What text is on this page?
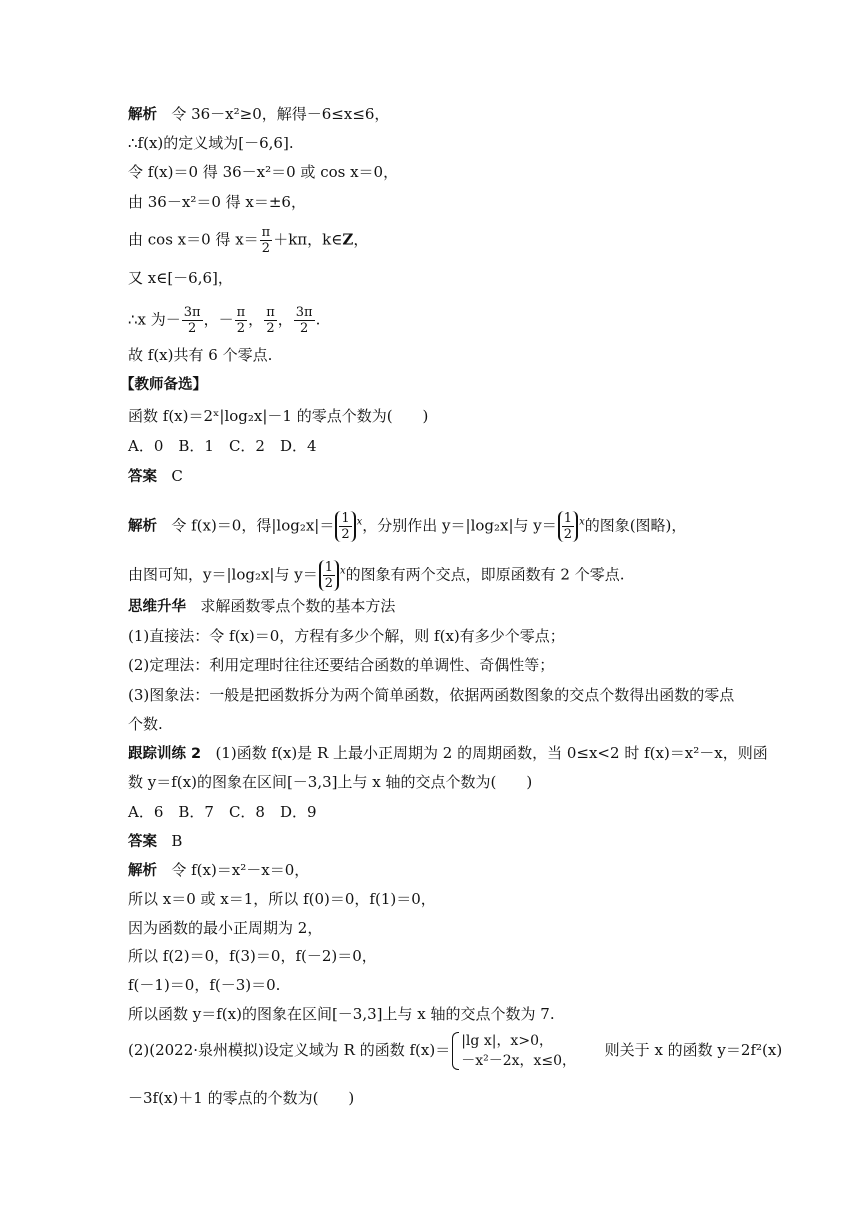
解析 令 36－x²≥0，解得－6≤x≤6，
∴f(x)的定义域为[－6,6].
令 f(x)＝0 得 36－x²＝0 或 cos x＝0，
由 36－x²＝0 得 x＝±6，
由 cos x＝0 得 $x= \frac{\pi}{2} +k\pi$，k∈Z，
又 x∈[－6,6]，
∴x 为－ $\frac{3\pi}{2}$ ，－ $\frac{\pi}{2}$ ， $\frac{\pi}{2}$ ， $\frac{3\pi}{2}$ .
故 f(x)共有 6 个零点.
【教师备选】
函数 f(x)＝2ˣ|log₂x|－1 的零点个数为(　　)
A．0　B．1　C．2　D．4
答案 C
解析 令 f(x)＝0，得$|\log_2x|= \frac{1}{2} ^x$，分别作出 y＝|log₂x|与 $y= \frac{1}{2} ^x$的图象(图略)，
由图可知，y＝|log₂x|与 $y= \frac{1}{2} ^x$的图象有两个交点，即原函数有 2 个零点.
思维升华 求解函数零点个数的基本方法
(1)直接法：令 f(x)＝0，方程有多少个解，则 f(x)有多少个零点；
(2)定理法：利用定理时往往还要结合函数的单调性、奇偶性等；
(3)图象法：一般是把函数拆分为两个简单函数，依据两函数图象的交点个数得出函数的零点
个数.
跟踪训练 2 (1)函数 f(x)是 R 上最小正周期为 2 的周期函数，当 0≤x<2 时 f(x)＝x²－x，则函
数 y＝f(x)的图象在区间[－3,3]上与 x 轴的交点个数为(　　)
A．6　B．7　C．8　D．9
答案 B
解析 令 f(x)＝x²－x＝0，
所以 x＝0 或 x＝1，所以 f(0)＝0，f(1)＝0，
因为函数的最小正周期为 2，
所以 f(2)＝0，f(3)＝0，f(－2)＝0，
f(－1)＝0，f(－3)＝0.
所以函数 y＝f(x)的图象在区间[－3,3]上与 x 轴的交点个数为 7.
(2)(2022·泉州模拟)设定义域为 R 的函数 f(x)＝ |lg x|，x>0，
－x²－2x，x≤0，
则关于 x 的函数 y＝2f²(x)
－3f(x)＋1 的零点的个数为(　　)
